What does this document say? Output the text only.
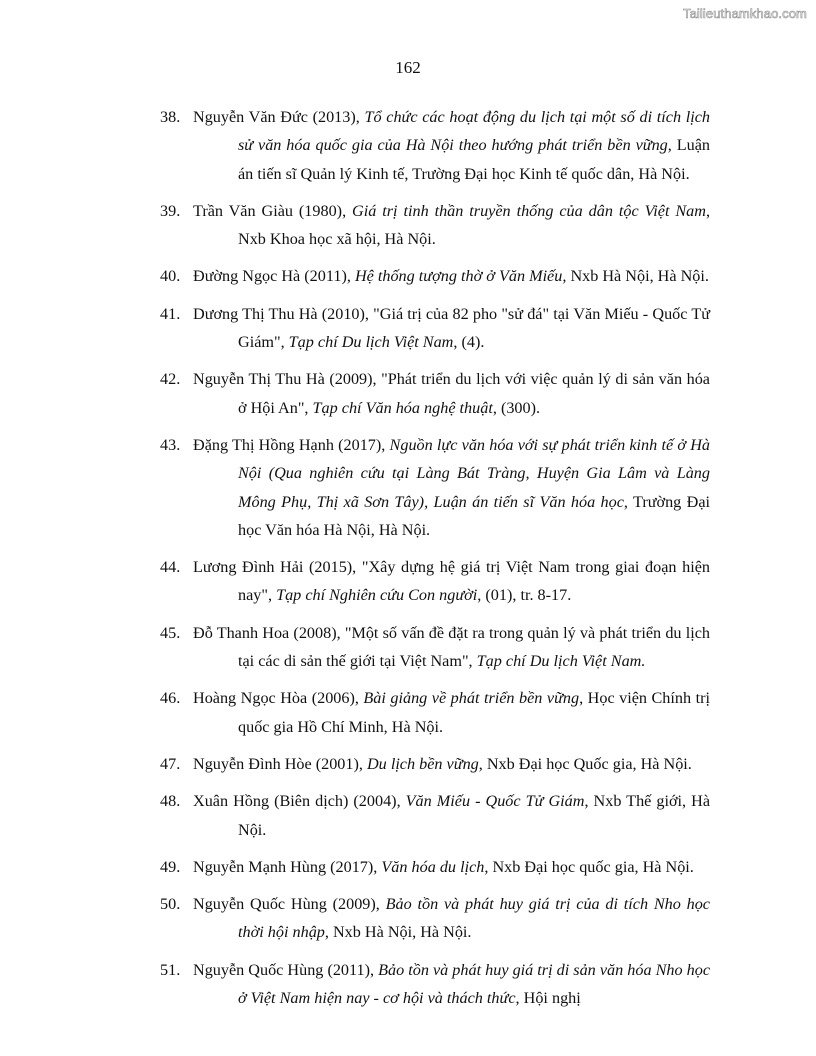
Tailieuthamkhao.com
162

38. Nguyễn Văn Đức (2013), Tổ chức các hoạt động du lịch tại một số di tích lịch sử văn hóa quốc gia của Hà Nội theo hướng phát triển bền vững, Luận án tiến sĩ Quản lý Kinh tế, Trường Đại học Kinh tế quốc dân, Hà Nội.

39. Trần Văn Giàu (1980), Giá trị tinh thần truyền thống của dân tộc Việt Nam, Nxb Khoa học xã hội, Hà Nội.

40. Đường Ngọc Hà (2011), Hệ thống tượng thờ ở Văn Miếu, Nxb Hà Nội, Hà Nội.

41. Dương Thị Thu Hà (2010), "Giá trị của 82 pho "sử đá" tại Văn Miếu - Quốc Tử Giám", Tạp chí Du lịch Việt Nam, (4).

42. Nguyễn Thị Thu Hà (2009), "Phát triển du lịch với việc quản lý di sản văn hóa ở Hội An", Tạp chí Văn hóa nghệ thuật, (300).

43. Đặng Thị Hồng Hạnh (2017), Nguồn lực văn hóa với sự phát triển kinh tế ở Hà Nội (Qua nghiên cứu tại Làng Bát Tràng, Huyện Gia Lâm và Làng Mông Phụ, Thị xã Sơn Tây), Luận án tiến sĩ Văn hóa học, Trường Đại học Văn hóa Hà Nội, Hà Nội.

44. Lương Đình Hải (2015), "Xây dựng hệ giá trị Việt Nam trong giai đoạn hiện nay", Tạp chí Nghiên cứu Con người, (01), tr. 8-17.

45. Đỗ Thanh Hoa (2008), "Một số vấn đề đặt ra trong quản lý và phát triển du lịch tại các di sản thế giới tại Việt Nam", Tạp chí Du lịch Việt Nam.

46. Hoàng Ngọc Hòa (2006), Bài giảng về phát triển bền vững, Học viện Chính trị quốc gia Hồ Chí Minh, Hà Nội.

47. Nguyễn Đình Hòe (2001), Du lịch bền vững, Nxb Đại học Quốc gia, Hà Nội.

48. Xuân Hồng (Biên dịch) (2004), Văn Miếu - Quốc Tử Giám, Nxb Thế giới, Hà Nội.

49. Nguyễn Mạnh Hùng (2017), Văn hóa du lịch, Nxb Đại học quốc gia, Hà Nội.

50. Nguyễn Quốc Hùng (2009), Bảo tồn và phát huy giá trị của di tích Nho học thời hội nhập, Nxb Hà Nội, Hà Nội.

51. Nguyễn Quốc Hùng (2011), Bảo tồn và phát huy giá trị di sản văn hóa Nho học ở Việt Nam hiện nay - cơ hội và thách thức, Hội nghị
